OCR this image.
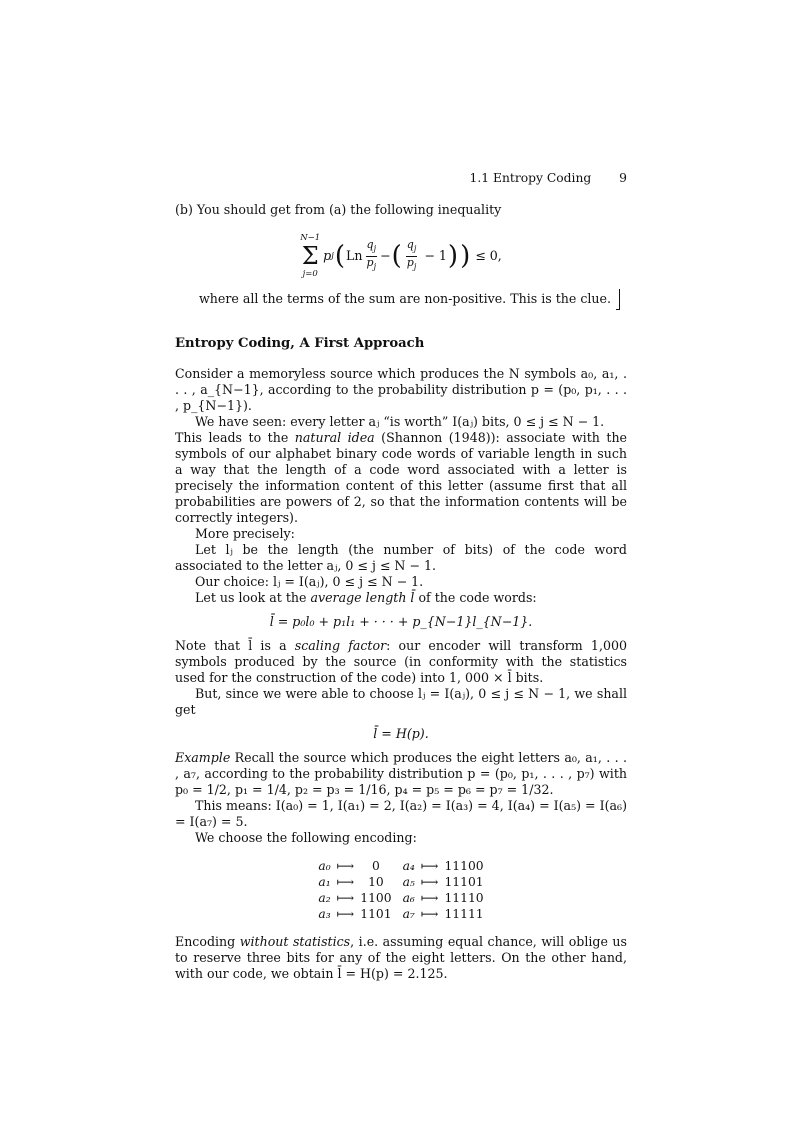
1.1 Entropy Coding 9

(b) You should get from (a) the following inequality

N−1
Σ
j=0
p j ( Ln $\frac{q_j}{p_j}$ − ( $\frac{q_j}{p_j}$
−
1 ) ) ≤ 0,

where all the terms of the sum are non-positive. This is the clue.

Entropy Coding, A First Approach

Consider a memoryless source which produces the N symbols a₀, a₁, . . . , a_{N−1}, according to the probability distribution p = (p₀, p₁, . . . , p_{N−1}).

We have seen: every letter aⱼ “is worth” I(aⱼ) bits, 0 ≤ j ≤ N − 1.

This leads to the natural idea (Shannon (1948)): associate with the symbols of our alphabet binary code words of variable length in such a way that the length of a code word associated with a letter is precisely the information content of this letter (assume first that all probabilities are powers of 2, so that the information contents will be correctly integers).

More precisely:

Let lⱼ be the length (the number of bits) of the code word associated to the letter aⱼ, 0 ≤ j ≤ N − 1.

Our choice: lⱼ = I(aⱼ), 0 ≤ j ≤ N − 1.

Let us look at the average length l̄ of the code words:

l̄ = p₀l₀ + p₁l₁ + · · · + p_{N−1}l_{N−1}.

Note that l̄ is a scaling factor: our encoder will transform 1,000 symbols produced by the source (in conformity with the statistics used for the construction of the code) into 1, 000 × l̄ bits.

But, since we were able to choose lⱼ = I(aⱼ), 0 ≤ j ≤ N − 1, we shall get

l̄ = H(p).

Example Recall the source which produces the eight letters a₀, a₁, . . . , a₇, according to the probability distribution p = (p₀, p₁, . . . , p₇) with p₀ = 1/2, p₁ = 1/4, p₂ = p₃ = 1/16, p₄ = p₅ = p₆ = p₇ = 1/32.

This means: I(a₀) = 1, I(a₁) = 2, I(a₂) = I(a₃) = 4, I(a₄) = I(a₅) = I(a₆) = I(a₇) = 5.

We choose the following encoding:

a₀	⟼	0	a₄	⟼	11100
a₁	⟼	10	a₅	⟼	11101
a₂	⟼	1100	a₆	⟼	11110
a₃	⟼	1101	a₇	⟼	11111

Encoding without statistics, i.e. assuming equal chance, will oblige us to reserve three bits for any of the eight letters. On the other hand, with our code, we obtain l̄ = H(p) = 2.125.
